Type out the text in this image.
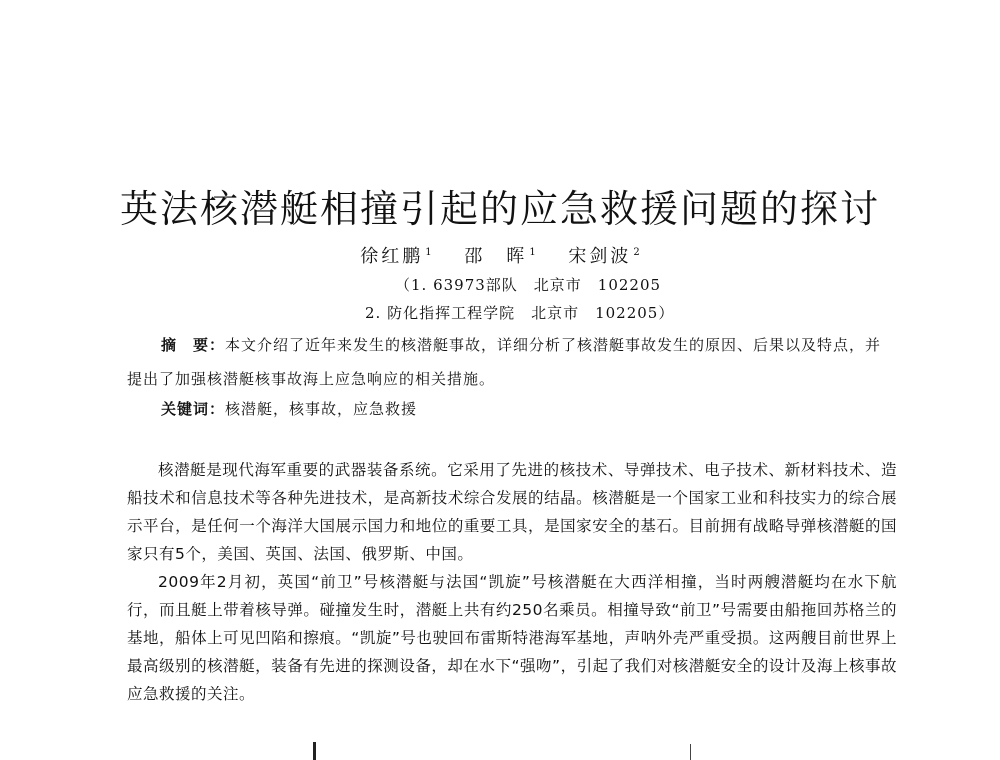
英法核潜艇相撞引起的应急救援问题的探讨
徐红鹏 $^1$ 邵　晖 $^1$ 宋剑波 $^2$
（1. 63973部队　北京市　102205
2. 防化指挥工程学院　北京市　102205）
摘　要：本文介绍了近年来发生的核潜艇事故，详细分析了核潜艇事故发生的原因、后果以及特点，并提出了加强核潜艇核事故海上应急响应的相关措施。
关键词：核潜艇，核事故，应急救援

核潜艇是现代海军重要的武器装备系统。它采用了先进的核技术、导弹技术、电子技术、新材料技术、造船技术和信息技术等各种先进技术，是高新技术综合发展的结晶。核潜艇是一个国家工业和科技实力的综合展示平台，是任何一个海洋大国展示国力和地位的重要工具，是国家安全的基石。目前拥有战略导弹核潜艇的国家只有5个，美国、英国、法国、俄罗斯、中国。

2009年2月初，英国“前卫”号核潜艇与法国“凯旋”号核潜艇在大西洋相撞，当时两艘潜艇均在水下航行，而且艇上带着核导弹。碰撞发生时，潜艇上共有约250名乘员。相撞导致“前卫”号需要由船拖回苏格兰的基地，船体上可见凹陷和擦痕。“凯旋”号也驶回布雷斯特港海军基地，声呐外壳严重受损。这两艘目前世界上最高级别的核潜艇，装备有先进的探测设备，却在水下“强吻”，引起了我们对核潜艇安全的设计及海上核事故应急救援的关注。
